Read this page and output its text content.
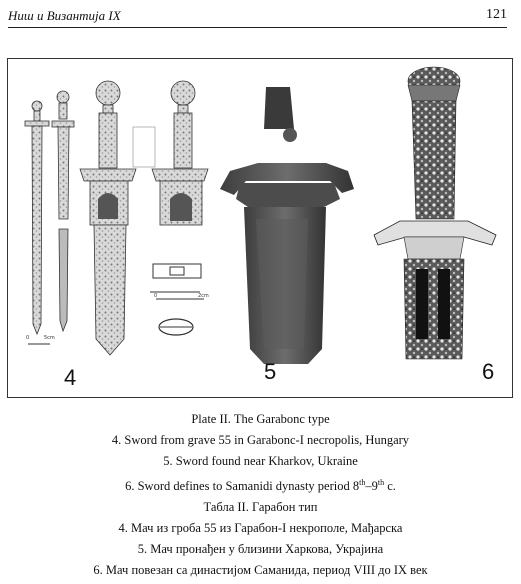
Ниш и Византија IX	121
0	5cm
0	2cm
4	5	6
Plate II. The Garabonc type
4. Sword from grave 55 in Garabonc-I necropolis, Hungary
5. Sword found near Kharkov, Ukraine
6. Sword defines to Samanidi dynasty period 8th–9th c.
Табла II. Гарабон тип
4. Мач из гроба 55 из Гарабон-I некрополе, Мађарска
5. Мач пронађен у близини Харкова, Украјина
6. Мач повезан са династијом Саманида, период VIII до IX век
